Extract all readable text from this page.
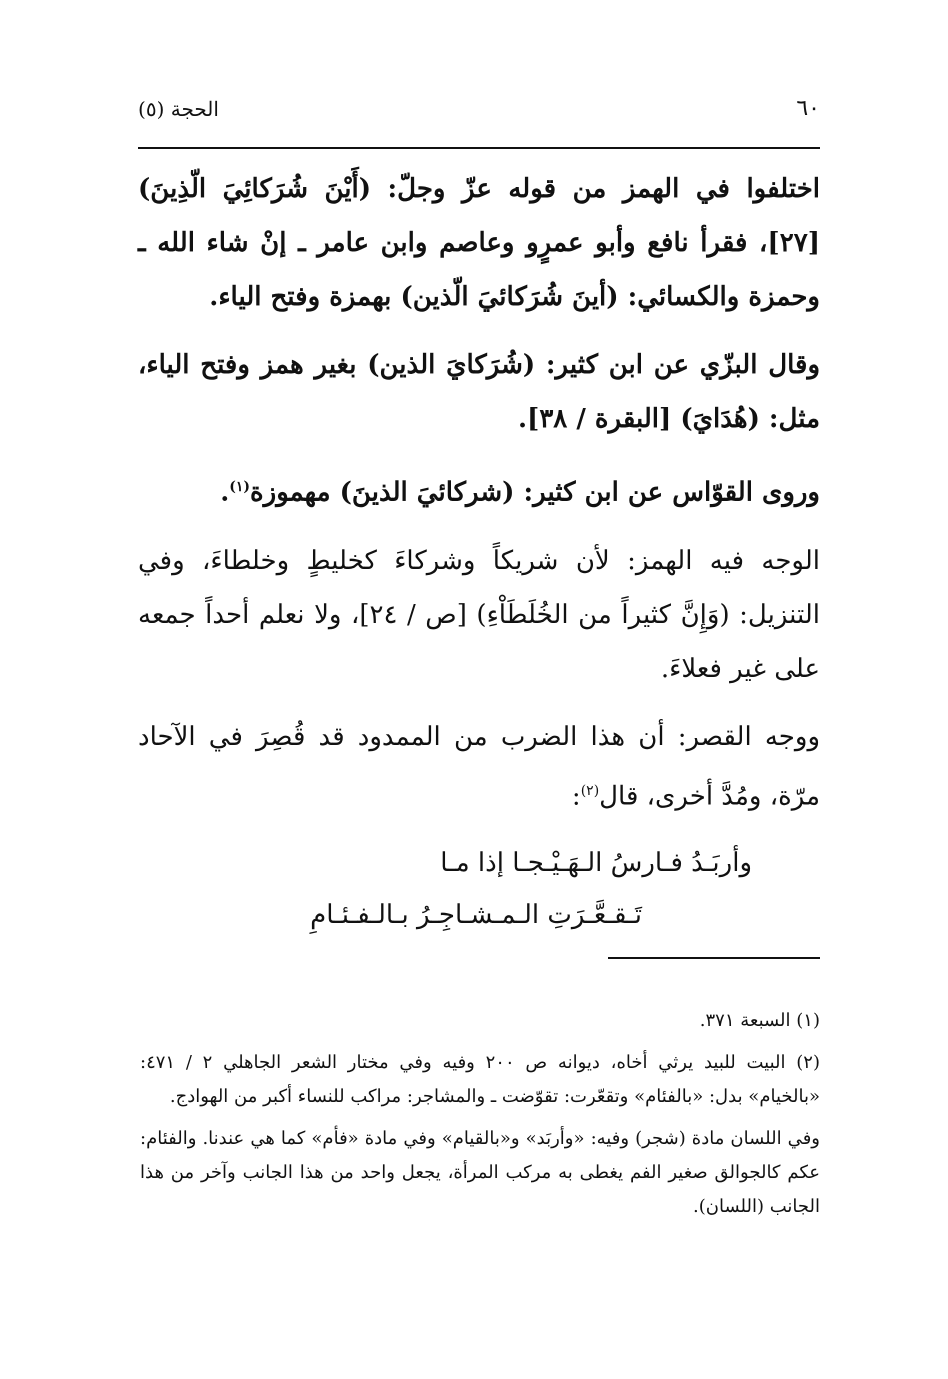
٦٠
الحجة (٥)

اختلفوا في الهمز من قوله عزّ وجلّ: (أَيْنَ شُرَكائِيَ الّذِينَ) [٢٧]، فقرأ نافع وأبو عمرٍو وعاصم وابن عامر ـ إنْ شاء الله ـ وحمزة والكسائي: (أينَ شُرَكائيَ الّذين) بهمزة وفتح الياء.

وقال البزّي عن ابن كثير: (شُرَكايَ الذين) بغير همز وفتح الياء، مثل: (هُدَايَ) [البقرة / ٣٨].

وروى القوّاس عن ابن كثير: (شركائيَ الذينَ) مهموزة$^{(١)}$.

الوجه فيه الهمز: لأن شريكاً وشركاءَ كخليطٍ وخلطاءَ، وفي التنزيل: (وَإِنَّ كثيراً من الخُلَطَاْءِ) [ص / ٢٤]، ولا نعلم أحداً جمعه على غير فعلاءَ.

ووجه القصر: أن هذا الضرب من الممدود قد قُصِرَ في الآحاد مرّة، ومُدَّ أخرى، قال$^{(٢)}$:

وأربَـدُ فـارسُ الـهَـيْـجـا إذا مـا
تَـقـعَّـرَتِ الـمـشـاجِـرُ بـالـفـئـامِ

(١) السبعة ٣٧١.

(٢) البيت للبيد يرثي أخاه، ديوانه ص ٢٠٠ وفيه وفي مختار الشعر الجاهلي ٢ / ٤٧١: «بالخيام» بدل: «بالفئام» وتقعّرت: تقوّضت ـ والمشاجر: مراكب للنساء أكبر من الهوادج.

وفي اللسان مادة (شجر) وفيه: «وأربَد» و«بالقيام» وفي مادة «فأم» كما هي عندنا. والفئام: عكم كالجوالق صغير الفم يغطى به مركب المرأة، يجعل واحد من هذا الجانب وآخر من هذا الجانب (اللسان).
